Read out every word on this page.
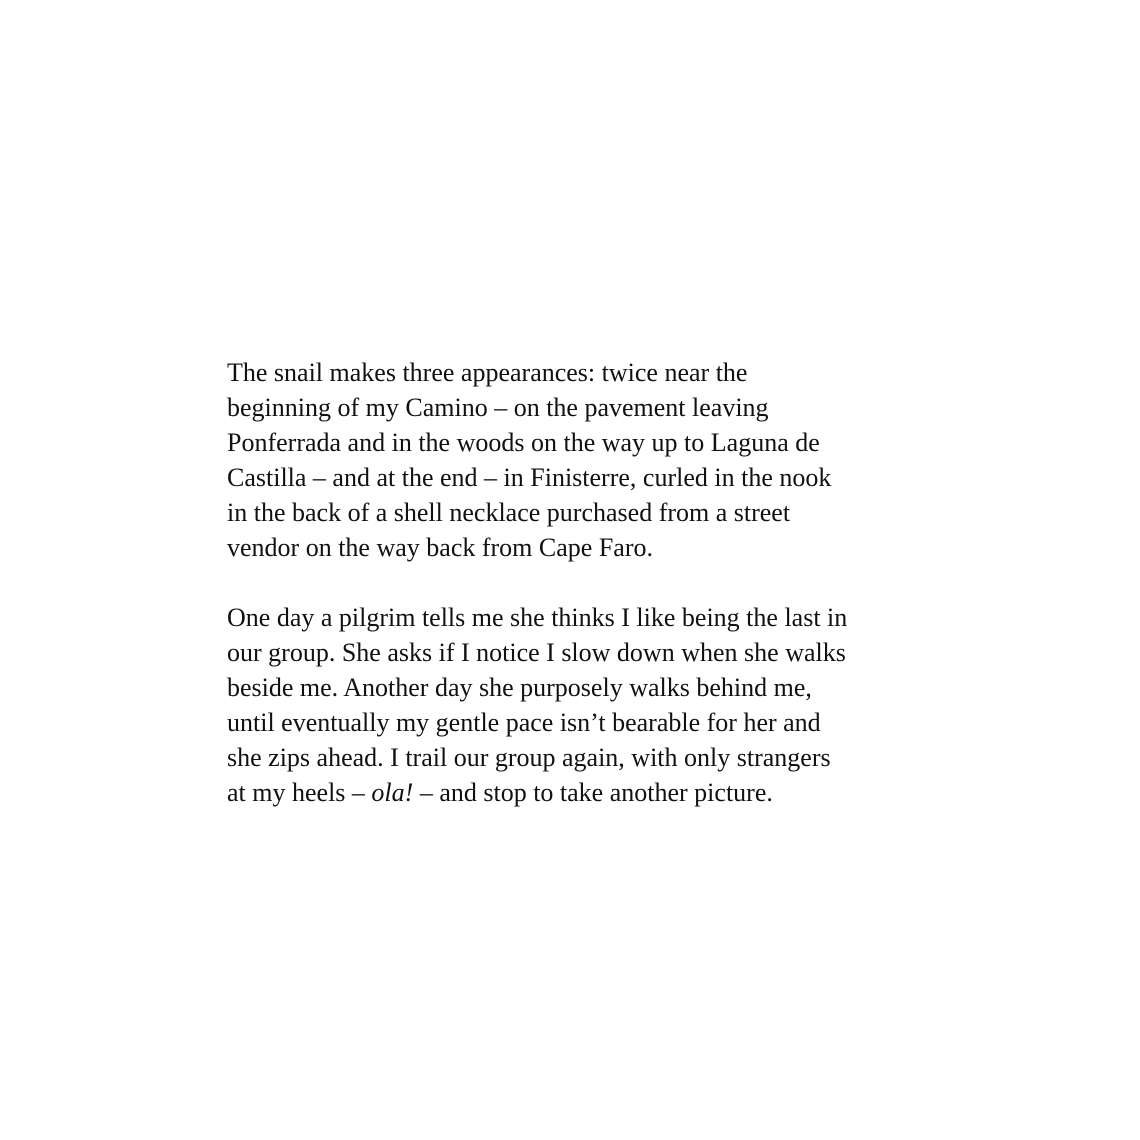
The snail makes three appearances: twice near the
beginning of my Camino – on the pavement leaving
Ponferrada and in the woods on the way up to Laguna de
Castilla – and at the end – in Finisterre, curled in the nook
in the back of a shell necklace purchased from a street
vendor on the way back from Cape Faro.

One day a pilgrim tells me she thinks I like being the last in
our group. She asks if I notice I slow down when she walks
beside me. Another day she purposely walks behind me,
until eventually my gentle pace isn’t bearable for her and
she zips ahead. I trail our group again, with only strangers
at my heels – ola! – and stop to take another picture.
